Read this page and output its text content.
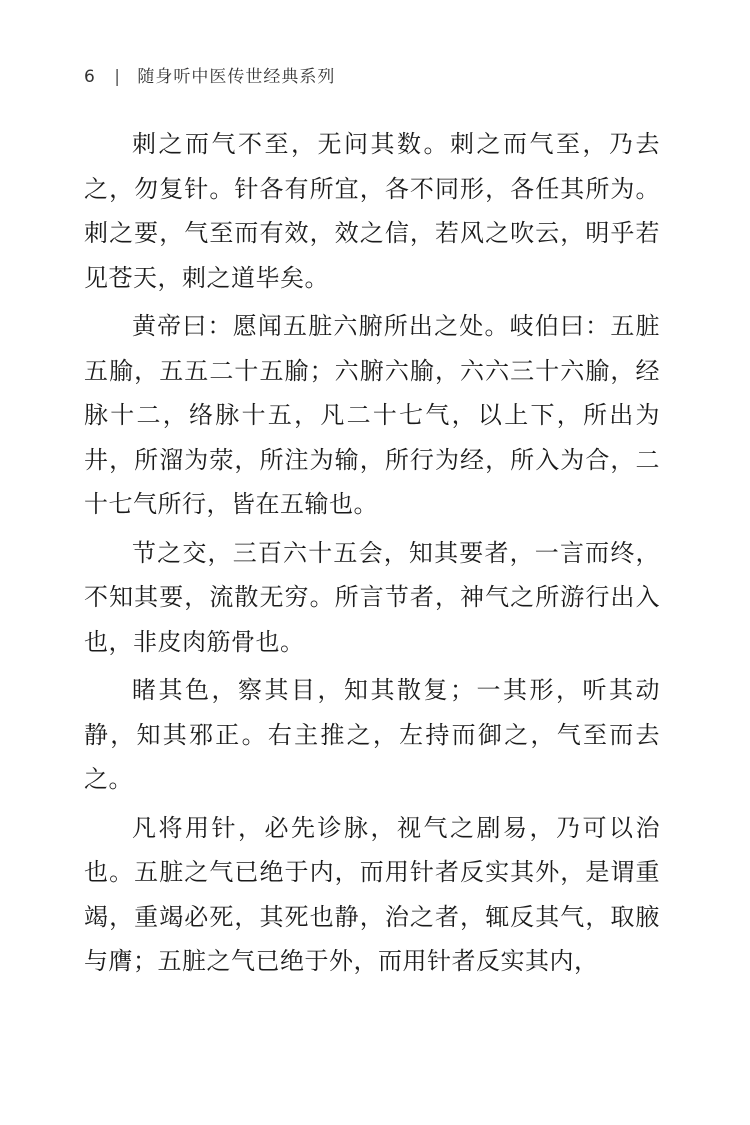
6 | 随身听中医传世经典系列

刺之而气不至，无问其数。刺之而气至，乃去之，勿复针。针各有所宜，各不同形，各任其所为。刺之要，气至而有效，效之信，若风之吹云，明乎若见苍天，刺之道毕矣。

黄帝曰：愿闻五脏六腑所出之处。岐伯曰：五脏五腧，五五二十五腧；六腑六腧，六六三十六腧，经脉十二，络脉十五，凡二十七气，以上下，所出为井，所溜为荥，所注为输，所行为经，所入为合，二十七气所行，皆在五输也。

节之交，三百六十五会，知其要者，一言而终，不知其要，流散无穷。所言节者，神气之所游行出入也，非皮肉筋骨也。

睹其色，察其目，知其散复；一其形，听其动静，知其邪正。右主推之，左持而御之，气至而去之。

凡将用针，必先诊脉，视气之剧易，乃可以治也。五脏之气已绝于内，而用针者反实其外，是谓重竭，重竭必死，其死也静，治之者，辄反其气，取腋与膺；五脏之气已绝于外，而用针者反实其内，
